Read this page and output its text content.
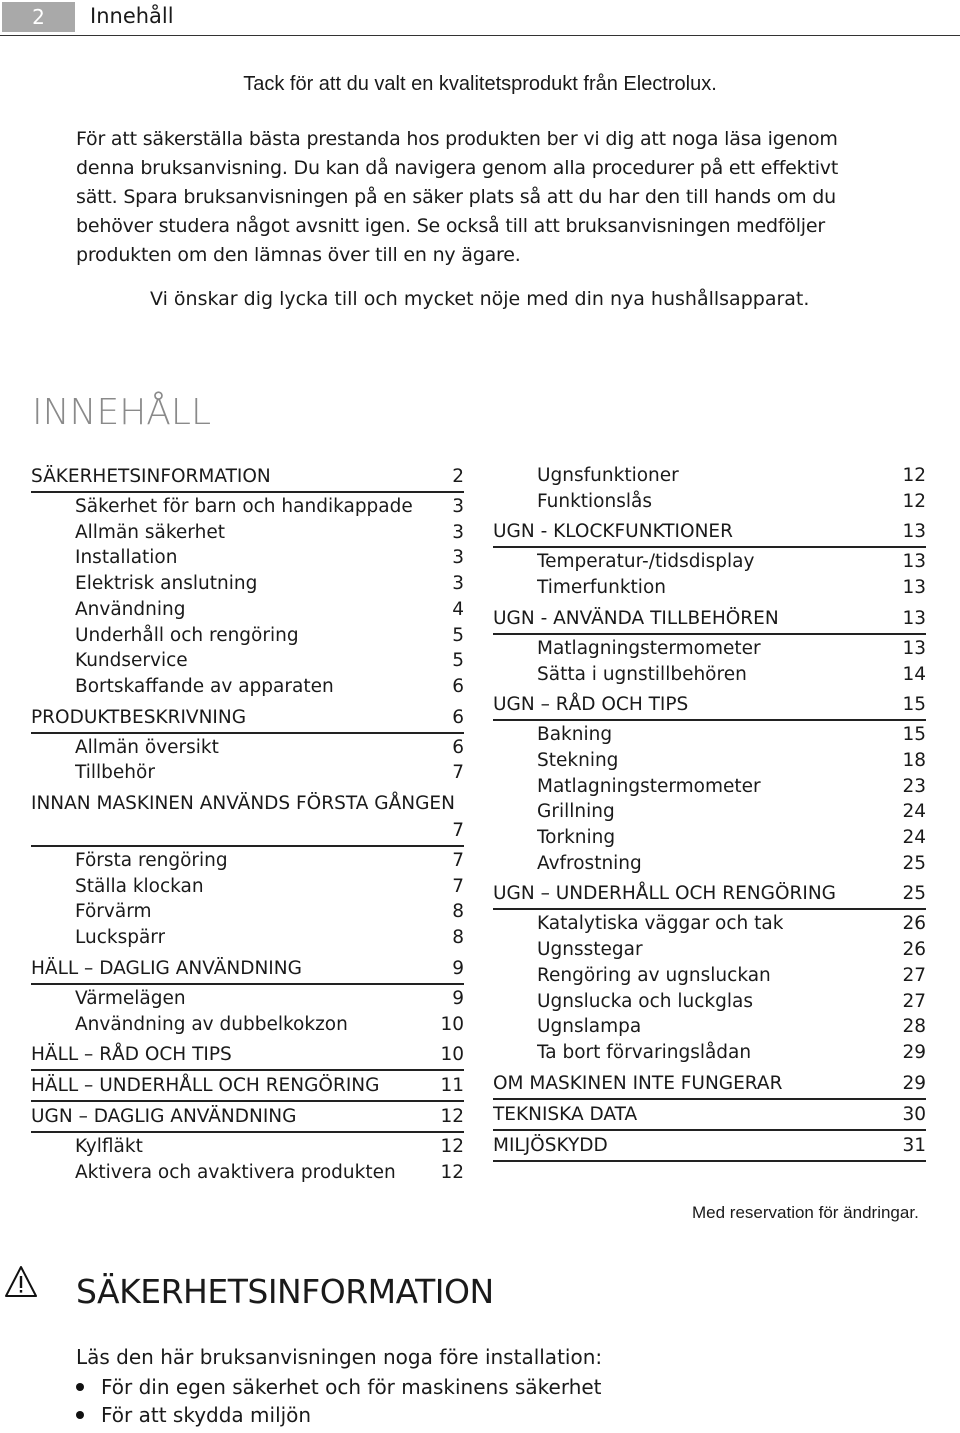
2	Innehåll
Tack för att du valt en kvalitetsprodukt från Electrolux.
För att säkerställa bästa prestanda hos produkten ber vi dig att noga läsa igenom denna bruksanvisning. Du kan då navigera genom alla procedurer på ett effektivt sätt. Spara bruksanvisningen på en säker plats så att du har den till hands om du behöver studera något avsnitt igen. Se också till att bruksanvisningen medföljer produkten om den lämnas över till en ny ägare.
Vi önskar dig lycka till och mycket nöje med din nya hushållsapparat.
INNEHÅLL
SÄKERHETSINFORMATION	2
Säkerhet för barn och handikappade 3
Allmän säkerhet	3
Installation	3
Elektrisk anslutning	3
Användning	4
Underhåll och rengöring	5
Kundservice	5
Bortskaffande av apparaten	6
PRODUKTBESKRIVNING	6
Allmän översikt	6
Tillbehör	7
INNAN MASKINEN ANVÄNDS FÖRSTA GÅNGEN
7
Första rengöring	7
Ställa klockan	7
Förvärm	8
Luckspärr	8
HÄLL – DAGLIG ANVÄNDNING	9
Värmelägen	9
Användning av dubbelkokzon	10
HÄLL – RÅD OCH TIPS	10
HÄLL – UNDERHÅLL OCH RENGÖRING	11
UGN – DAGLIG ANVÄNDNING	12
Kylfläkt	12
Aktivera och avaktivera produkten 12
Ugnsfunktioner	12
Funktionslås	12
UGN - KLOCKFUNKTIONER	13
Temperatur-/tidsdisplay	13
Timerfunktion	13
UGN - ANVÄNDA TILLBEHÖREN	13
Matlagningstermometer	13
Sätta i ugnstillbehören	14
UGN – RÅD OCH TIPS	15
Bakning	15
Stekning	18
Matlagningstermometer	23
Grillning	24
Torkning	24
Avfrostning	25
UGN – UNDERHÅLL OCH RENGÖRING	25
Katalytiska väggar och tak	26
Ugnsstegar	26
Rengöring av ugnsluckan	27
Ugnslucka och luckglas	27
Ugnslampa	28
Ta bort förvaringslådan	29
OM MASKINEN INTE FUNGERAR	29
TEKNISKA DATA	30
MILJÖSKYDD	31
Med reservation för ändringar.
SÄKERHETSINFORMATION
Läs den här bruksanvisningen noga före installation:
För din egen säkerhet och för maskinens säkerhet
För att skydda miljön
